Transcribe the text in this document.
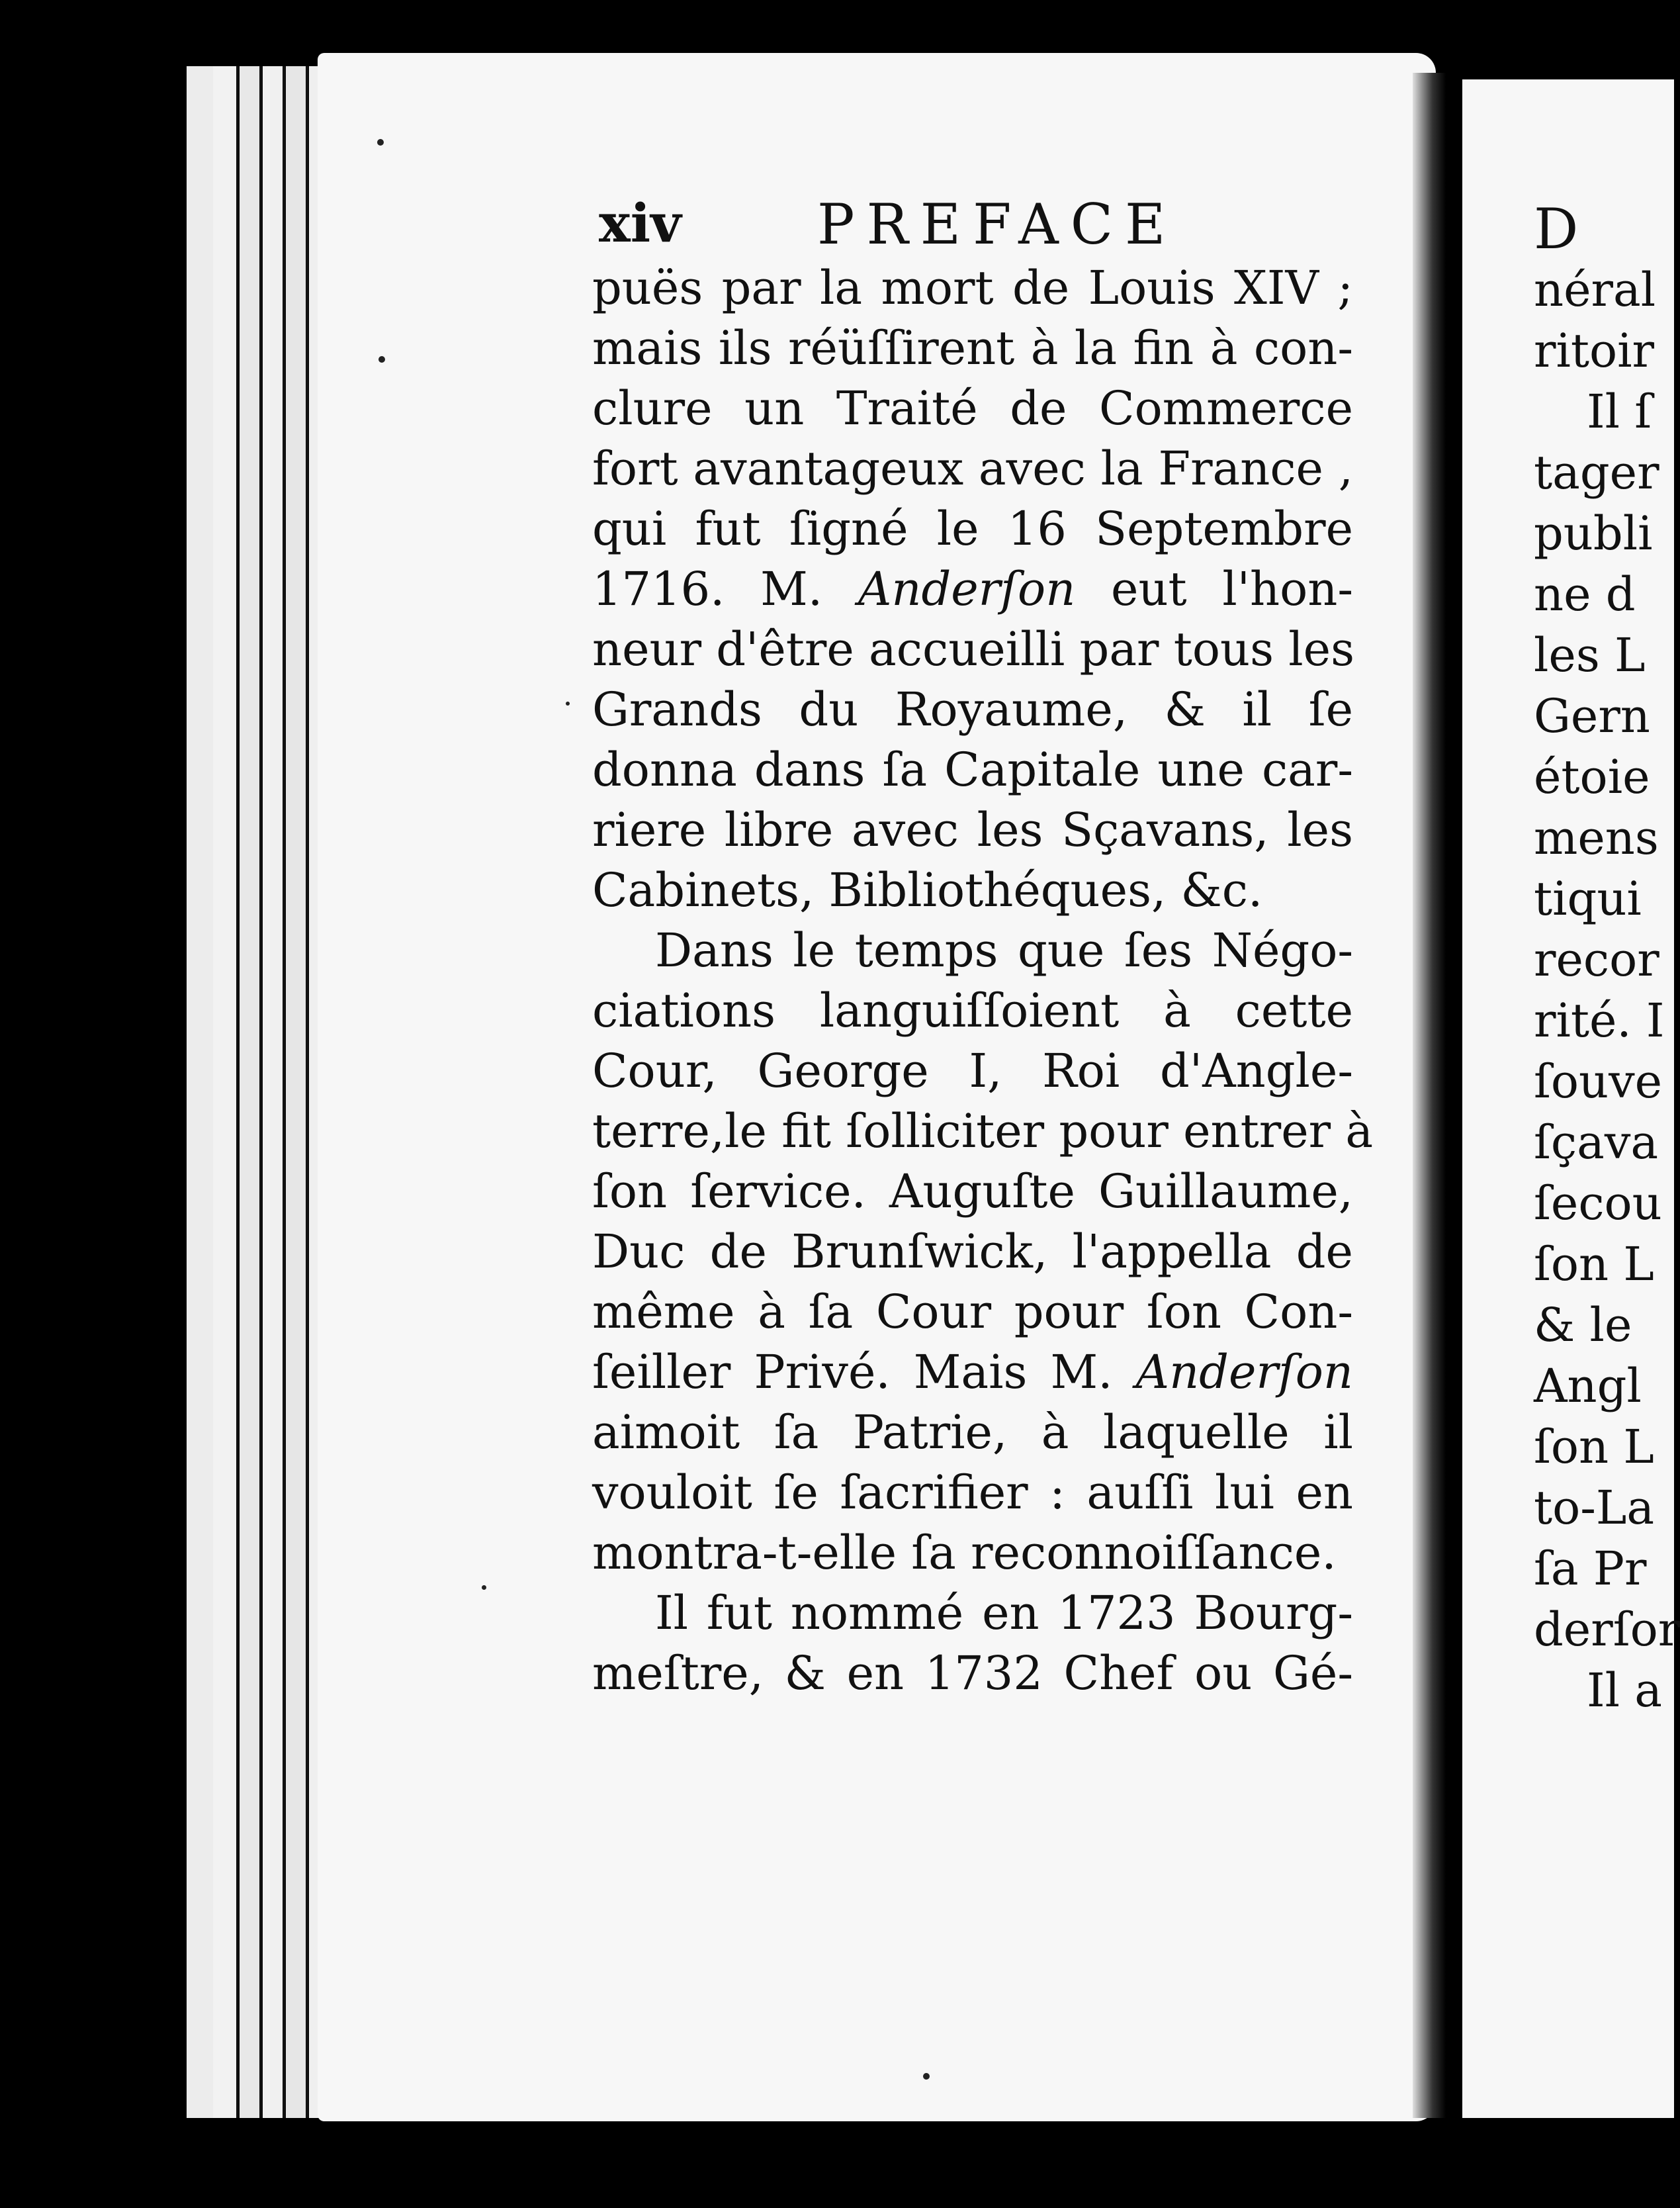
xiv PREFACE
puës par la mort de Louis XIV ;
mais ils réüſſirent à la fin à con-
clure un Traité de Commerce
fort avantageux avec la France ,
qui fut ſigné le 16 Septembre
1716. M. Anderſon eut l'hon-
neur d'être accueilli par tous les
Grands du Royaume, & il ſe
donna dans ſa Capitale une car-
riere libre avec les Sçavans, les
Cabinets, Bibliothéques, &c.
Dans le temps que ſes Négo-
ciations languiſſoient à cette
Cour, George I, Roi d'Angle-
terre,le fit ſolliciter pour entrer à
ſon ſervice. Auguſte Guillaume,
Duc de Brunſwick, l'appella de
même à ſa Cour pour ſon Con-
ſeiller Privé. Mais M. Anderſon
aimoit ſa Patrie, à laquelle il
vouloit ſe ſacrifier : auſſi lui en
montra-t-elle ſa reconnoiſſance.
Il fut nommé en 1723 Bourg-
meſtre, & en 1732 Chef ou Gé-
D
néral
ritoir
Il ſ
tager
publi
ne d
les L
Gern
étoie
mens
tiqui
recor
rité. I
ſouve
ſçava
ſecou
ſon L
& le
Angl
ſon L
to-La
ſa Pr
derſor
Il a
